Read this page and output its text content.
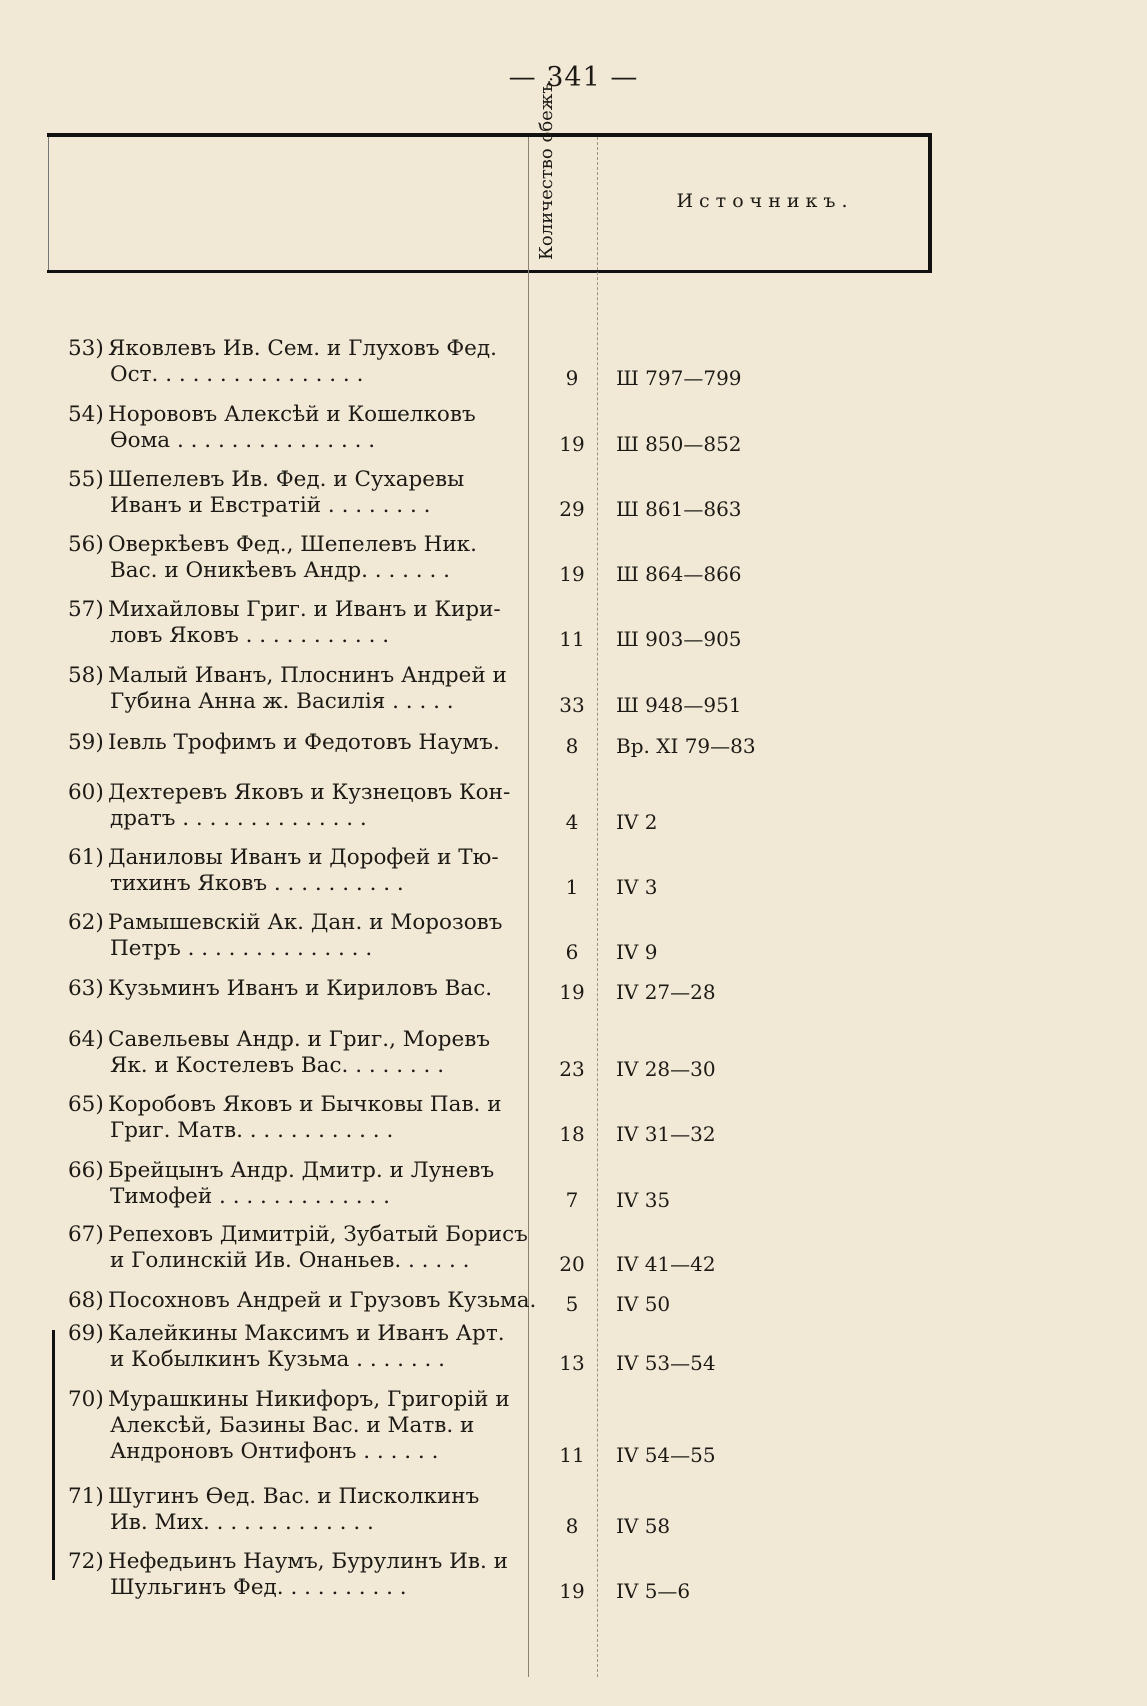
— 341 —
Количество обежъ.	Источникъ.
53) Яковлевъ Ив. Сем. и Глуховъ Фед.
Ост. . . . . . . . . . . . . . . .	9	Ш 797—799
54) Норововъ Алексѣй и Кошелковъ
Ѳома . . . . . . . . . . . . . . .	19	Ш 850—852
55) Шепелевъ Ив. Фед. и Сухаревы
Иванъ и Евстратій . . . . . . . .	29	Ш 861—863
56) Оверкѣевъ Фед., Шепелевъ Ник.
Вас. и Оникѣевъ Андр. . . . . . .	19	Ш 864—866
57) Михайловы Григ. и Иванъ и Кири-
ловъ Яковъ . . . . . . . . . . .	11	Ш 903—905
58) Малый Иванъ, Плоснинъ Андрей и
Губина Анна ж. Василія . . . . .	33	Ш 948—951
59) Іевль Трофимъ и Федотовъ Наумъ.	8	Вр. XI 79—83
60) Дехтеревъ Яковъ и Кузнецовъ Кон-
дратъ . . . . . . . . . . . . . .	4	IV 2
61) Даниловы Иванъ и Дорофей и Тю-
тихинъ Яковъ . . . . . . . . . .	1	IV 3
62) Рамышевскій Ак. Дан. и Морозовъ
Петръ . . . . . . . . . . . . . .	6	IV 9
63) Кузьминъ Иванъ и Кириловъ Вас.	19	IV 27—28
64) Савельевы Андр. и Григ., Моревъ
Як. и Костелевъ Вас. . . . . . . .	23	IV 28—30
65) Коробовъ Яковъ и Бычковы Пав. и
Григ. Матв. . . . . . . . . . . .	18	IV 31—32
66) Брейцынъ Андр. Дмитр. и Луневъ
Тимофей . . . . . . . . . . . . .	7	IV 35
67) Репеховъ Димитрій, Зубатый Борисъ
и Голинскій Ив. Онаньев. . . . . .	20	IV 41—42
68) Посохновъ Андрей и Грузовъ Кузьма.	5	IV 50
69) Калейкины Максимъ и Иванъ Арт.
и Кобылкинъ Кузьма . . . . . . .	13	IV 53—54
70) Мурашкины Никифоръ, Григорій и
Алексѣй, Базины Вас. и Матв. и
Андроновъ Онтифонъ . . . . . .	11	IV 54—55
71) Шугинъ Ѳед. Вас. и Писколкинъ
Ив. Мих. . . . . . . . . . . . .	8	IV 58
72) Нефедьинъ Наумъ, Бурулинъ Ив. и
Шульгинъ Фед. . . . . . . . . .	19	IV 5—6
